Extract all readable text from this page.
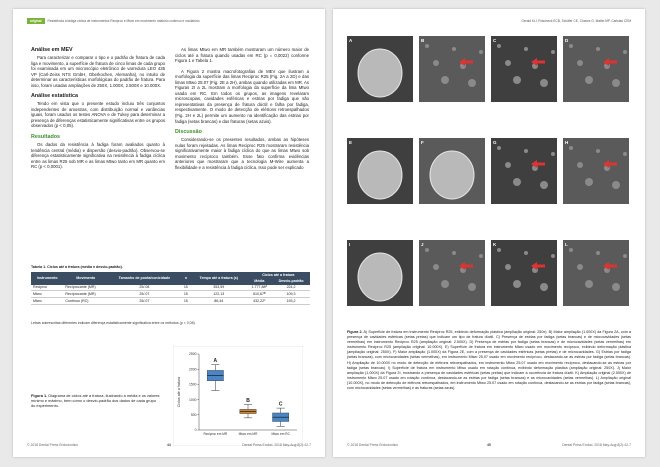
original Resistência à fadiga cíclica de instrumentos Reciproc e Mtwo em movimento rotatório contínuo e oscilatório
Análise em MEV

Para caracterizar e comparar o tipo e o padrão de fratura de cada liga e movimento, a superfície de fratura de cinco limas de cada grupo foi examinada em um microscópio eletrônico de varredura LEO 435 VP (Carl-Zeiss NTS GmbH, Oberkochen, Alemanha), no intuito de determinar as características morfológicas do padrão de fratura. Para isso, foram usadas ampliações de 250X, 1.000X, 2.500X e 10.000X.

Análise estatística

Tendo em vista que o presente estudo incluiu três conjuntos independentes de amostras, com distribuição normal e variâncias iguais, foram usados os testes ANOVA e de Tukey para determinar a presença de diferenças estatisticamente significativas entre os grupos observados (p < 0,05).

Resultados

Os dados da resistência à fadiga foram avaliados quanto à tendência central (média) e dispersão (desvio-padrão). Observou-se diferença estatisticamente significativa na resistência à fadiga cíclica entre as limas R25 sob MR e as limas Mtwo tanto em MR quanto em RC (p < 0,0001).

As limas Mtwo em MR também mostraram um número maior de ciclos até a fratura quando usadas em RC (p = 0,0022) conforme Figura 1 e Tabela 1.

A Figura 2 mostra macrofotografias de MEV que ilustram a morfologia da superfície das limas Reciproc R25 (Fig. 2A a 2D) e das limas Mtwo 25.07 (Fig. 2E a 2H), ambas quando utilizadas em MR. As Figuras 2I a 2L mostram a morfologia da superfície da lima Mtwo usada em RC. Em todos os grupos, as imagens revelaram microscopias, cavidades esféricas e estrias por fadiga que são representativas da presença de fratura dúctil e falha por fadiga, respectivamente. O modo de detecção de elétrons retroespalhados (Fig. 2H e 2L) permite um aumento na identificação das estrias por fadiga (setas brancas) e das fraturas (setas azuis).

Discussão

Considerando-se os presentes resultados, ambas as hipóteses nulas foram rejeitadas. As limas Reciproc R25 mostraram resistência significativamente maior à fadiga cíclica do que as limas Mtwo sob movimento recíproco também. Esse fato confirma evidências anteriores que mostraram que a tecnologia M-Wire aumenta a flexibilidade e a resistência à fadiga cíclica. Isso pode ser explicado

Tabela 1. Ciclos até a fratura (média ± desvio-padrão).
Instrumento	Movimento	Tamanho de ponta/conicidade	n	Tempo até a fratura (s)	Ciclos até a fratura	
					Média	Desvio-padrão
Reciproc	Recíprocante (MR)	25/.08	15	353,59	1.777,88ᴬ	224,2
Mtwo	Recíprocante (MR)	25/.07	15	122,13	610,67ᴮ	109,3
Mtwo	Contínuo (RC)	25/.07	15	86,44	432,22ᶜ	193,2
Letras sobrescritas diferentes indicam diferença estatisticamente significativa entre os métodos (p < 0,05).
0
500
1000
1500
2000
2500
Ciclos até a fratura
A
Reciproc em MR
B
Mtwo em MR
C
Mtwo em RC
Figura 1. Diagrama de ciclos até a fratura, ilustrando a média e os valores mínimo e máximo, bem como o desvio-padrão dos dados de cada grupo do experimento.
© 2018 Dental Press Endodontics	44	Dental Press Endod. 2018 May-Aug;8(2):42-7
Gerald KLI, Roscheck ECB, Schäfer CE, Chaves G, Mattei MP, Caristas CEM
A	B	C	D
E	F	G	H
I	J	K	L
Figura 2. A) Superfície de fratura em instrumento Reciproc R25, exibindo deformação plástica (ampliação original: 250x). B) Maior ampliação (1.000X) da Figura 2A, com a presença de cavidades esféricas (setas pretas) que indicam um tipo de fratura dúctil. C) Presença de estrias por fadiga (setas brancas) e de microcavidades (setas vermelhas) em instrumento Reciproc R25 (ampliação original: 2.500X). D) Presença de estrias por fadiga (setas brancas) e de microcavidades (setas vermelhas) em instrumento Reciproc R25 (ampliação original: 10.000X). E) Superfície de fratura em instrumento Mtwo usado em movimento recíproco, exibindo deformação plástica (ampliação original: 250X). F) Maior ampliação (1.000X) da Figura 2E, com a presença de cavidades esféricas (setas pretas) e de microcavidades. G) Estrias por fadiga (setas brancas), com microcavidades (setas vermelhas), em instrumento Mtwo 25.07 usado em movimento recíproco, destacando-se as estrias por fadiga (setas brancas). H) Ampliação de 10.000X no modo de detecção de elétrons retroespalhados, em instrumento Mtwo 25.07 usado em movimento recíproco, destacando-se as estrias por fadiga (setas brancas). I) Superfície de fratura em instrumento Mtwo usado em rotação contínua, exibindo deformação plástica (ampliação original: 250X). J) Maior ampliação (1.000X) da Figura 2I, mostrando a presença de cavidades esféricas (setas pretas) que indicam a ocorrência de fratura dúctil. K) Ampliação original (2.500X) de instrumento Mtwo 25.07 usado em rotação contínua, destacando-se as estrias por fadiga (setas brancas) e as microcavidades (setas vermelhas). L) Ampliação original (10.000X), no modo de detecção de elétrons retroespalhados, em instrumento Mtwo 25.07 usado em rotação contínua, destacando-se as estrias por fadiga (setas brancas), com microcavidades (setas vermelhas) e as fraturas (setas azuis).
© 2018 Dental Press Endodontics	45	Dental Press Endod. 2018 May-Aug;8(2):42-7
